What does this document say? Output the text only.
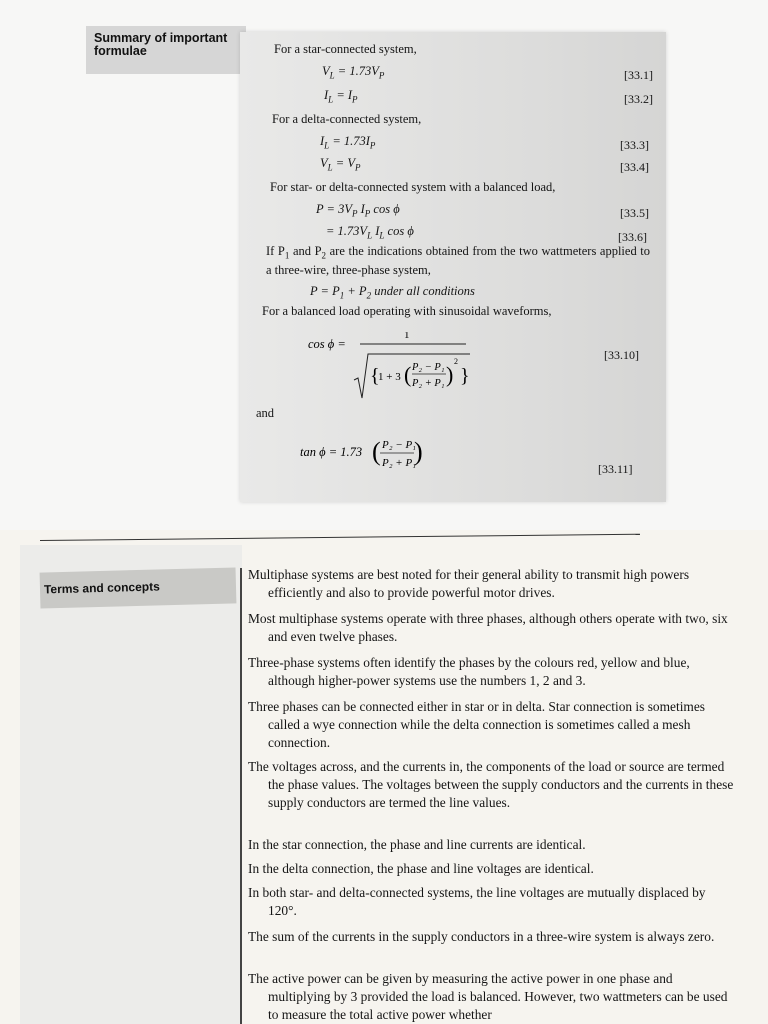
Summary of important formulae	For a star-connected system,
$V_L = 1.73V_P$	[33.1]
$I_L = I_P$	[33.2]
For a delta-connected system,
$I_L = 1.73I_P$	[33.3]
$V_L = V_P$	[33.4]
For star- or delta-connected system with a balanced load,
$P = 3V_P$ $I_P$ cos ϕ	[33.5]
= $1.73V_L$ $I_L$ cos ϕ	[33.6]
If $P_1$ and $P_2$ are the indications obtained from the two wattmeters applied to a three-wire, three-phase system,
$P = P_1 + P_2$ under all conditions
For a balanced load operating with sinusoidal waveforms,
cos ϕ =
1
{
1 + 3 ( P₂ − P₁
P₂ + P₁ )
2
}
[33.10]
and
tan ϕ = 1.73 ( P₂ − P₁
P₂ + P₁
)
[33.11]
Terms and concepts
Multiphase systems are best noted for their general ability to transmit high powers efficiently and also to provide powerful motor drives.
Most multiphase systems operate with three phases, although others operate with two, six and even twelve phases.
Three-phase systems often identify the phases by the colours red, yellow and blue, although higher-power systems use the numbers 1, 2 and 3.
Three phases can be connected either in star or in delta. Star connection is sometimes called a wye connection while the delta connection is sometimes called a mesh connection.
The voltages across, and the currents in, the components of the load or source are termed the phase values. The voltages between the supply conductors and the currents in these supply conductors are termed the line values.
In the star connection, the phase and line currents are identical.
In the delta connection, the phase and line voltages are identical.
In both star- and delta-connected systems, the line voltages are mutually displaced by 120°.
The sum of the currents in the supply conductors in a three-wire system is always zero.
The active power can be given by measuring the active power in one phase and multiplying by 3 provided the load is balanced. However, two wattmeters can be used to measure the total active power whether
